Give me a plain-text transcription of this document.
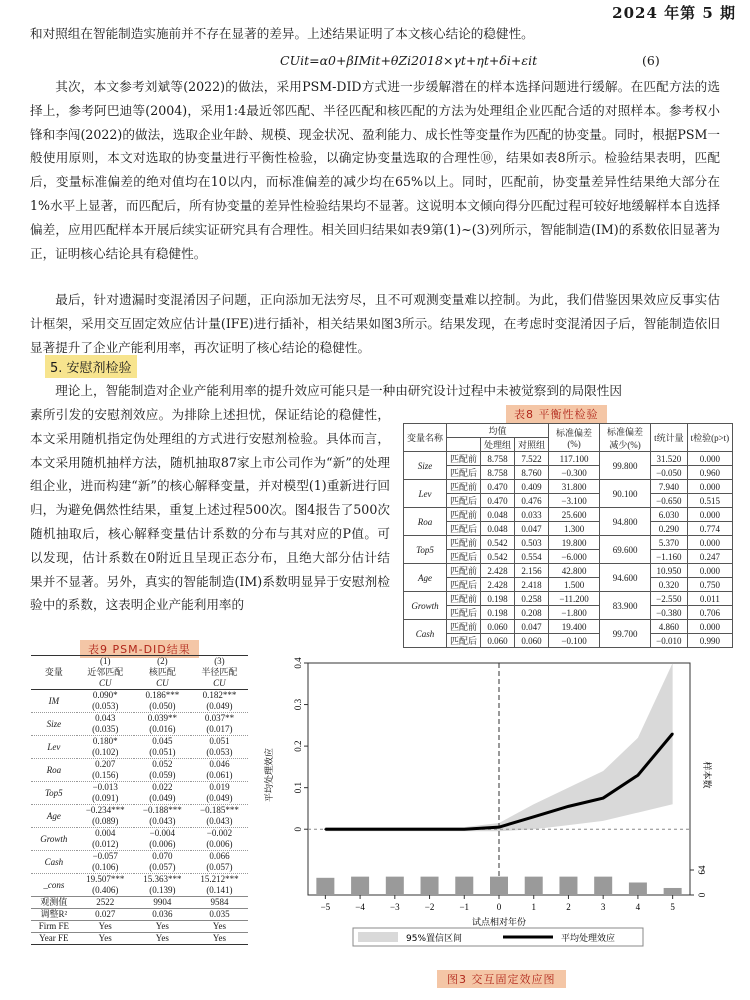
2024 年第 5 期

和对照组在智能制造实施前并不存在显著的差异。上述结果证明了本文核心结论的稳健性。

CUit=α0+βIMit+θZi2018×γt+ηt+δi+εit	(6)

其次，本文参考刘斌等(2022)的做法，采用PSM-DID方式进一步缓解潜在的样本选择问题进行缓解。在匹配方法的选择上，参考阿巴迪等(2004)，采用1:4最近邻匹配、半径匹配和核匹配的方法为处理组企业匹配合适的对照样本。参考权小锋和李闯(2022)的做法，选取企业年龄、规模、现金状况、盈利能力、成长性等变量作为匹配的协变量。同时，根据PSM一般使用原则，本文对选取的协变量进行平衡性检验，以确定协变量选取的合理性⑩，结果如表8所示。检验结果表明，匹配后，变量标准偏差的绝对值均在10以内，而标准偏差的减少均在65%以上。同时，匹配前，协变量差异性结果绝大部分在1%水平上显著，而匹配后，所有协变量的差异性检验结果均不显著。这说明本文倾向得分匹配过程可较好地缓解样本自选择偏差，应用匹配样本开展后续实证研究具有合理性。相关回归结果如表9第(1)~(3)列所示，智能制造(IM)的系数依旧显著为正，证明核心结论具有稳健性。

最后，针对遗漏时变混淆因子问题，正向添加无法穷尽，且不可观测变量难以控制。为此，我们借鉴因果效应反事实估计框架，采用交互固定效应估计量(IFE)进行插补，相关结果如图3所示。结果发现，在考虑时变混淆因子后，智能制造依旧显著提升了企业产能利用率，再次证明了核心结论的稳健性。

5. 安慰剂检验

理论上，智能制造对企业产能利用率的提升效应可能只是一种由研究设计过程中未被觉察到的局限性因

素所引发的安慰剂效应。为排除上述担忧，保证结论的稳健性，本文采用随机指定伪处理组的方式进行安慰剂检验。具体而言，本文采用随机抽样方法，随机抽取87家上市公司作为“新”的处理组企业，进而构建“新”的核心解释变量，并对模型(1)重新进行回归，为避免偶然性结果，重复上述过程500次。图4报告了500次随机抽取后，核心解释变量估计系数的分布与其对应的P值。可以发现，估计系数在0附近且呈现正态分布，且绝大部分估计结果并不显著。另外，真实的智能制造(IM)系数明显异于安慰剂检验中的系数，这表明企业产能利用率的

表8 平衡性检验
变量名称	均值			标准偏差(%)	标准偏差减少(%)	t统计量	t检验(p>t)
		处理组	对照组				
Size	匹配前	8.758	7.522	117.100	99.800	31.520	0.000
	匹配后	8.758	8.760	−0.300		−0.050	0.960
Lev	匹配前	0.470	0.409	31.800	90.100	7.940	0.000
	匹配后	0.470	0.476	−3.100		−0.650	0.515
Roa	匹配前	0.048	0.033	25.600	94.800	6.030	0.000
	匹配后	0.048	0.047	1.300		0.290	0.774
Top5	匹配前	0.542	0.503	19.800	69.600	5.370	0.000
	匹配后	0.542	0.554	−6.000		−1.160	0.247
Age	匹配前	2.428	2.156	42.800	94.600	10.950	0.000
	匹配后	2.428	2.418	1.500		0.320	0.750
Growth	匹配前	0.198	0.258	−11.200	83.900	−2.550	0.011
	匹配后	0.198	0.208	−1.800		−0.380	0.706
Cash	匹配前	0.060	0.047	19.400	99.700	4.860	0.000
	匹配后	0.060	0.060	−0.100		−0.010	0.990
表9 PSM-DID结果
变量	(1)	(2)	(3)
	近邻匹配	核匹配	半径匹配
	CU	CU	CU
IM	0.090*	0.186***	0.182***
	(0.053)	(0.050)	(0.049)
Size	0.043	0.039**	0.037**
	(0.035)	(0.016)	(0.017)
Lev	0.180*	0.045	0.051
	(0.102)	(0.051)	(0.053)
Roa	0.207	0.052	0.046
	(0.156)	(0.059)	(0.061)
Top5	−0.013	0.022	0.019
	(0.091)	(0.049)	(0.049)
Age	−0.234***	−0.188***	−0.185***
	(0.089)	(0.043)	(0.043)
Growth	0.004	−0.004	−0.002
	(0.012)	(0.006)	(0.006)
Cash	−0.057	0.070	0.066
	(0.106)	(0.057)	(0.057)
_cons	19.507***	15.363***	15.212***
	(0.406)	(0.139)	(0.141)
观测值	2522	9904	9584
调整R²	0.027	0.036	0.035
Firm FE	Yes	Yes	Yes
Year FE	Yes	Yes	Yes
0
0.1
0.2
0.3
0.4
0
64
−5	−4	−3	−2	−1	0	1	2	3	4	5
平均处理效应	样本数
试点相对年份
95%置信区间	平均处理效应
图3 交互固定效应图
